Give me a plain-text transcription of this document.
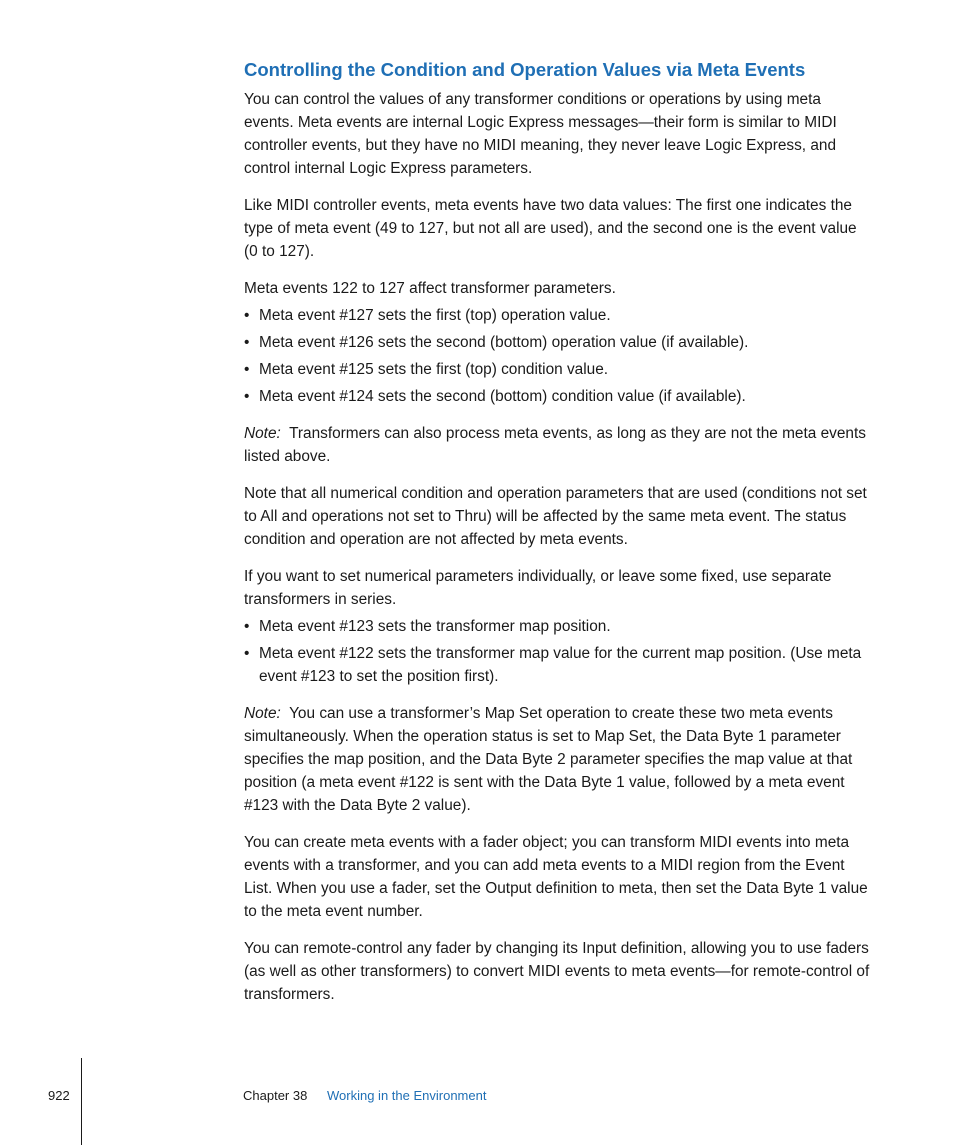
Controlling the Condition and Operation Values via Meta Events

You can control the values of any transformer conditions or operations by using meta events. Meta events are internal Logic Express messages—their form is similar to MIDI controller events, but they have no MIDI meaning, they never leave Logic Express, and control internal Logic Express parameters.

Like MIDI controller events, meta events have two data values: The first one indicates the type of meta event (49 to 127, but not all are used), and the second one is the event value (0 to 127).

Meta events 122 to 127 affect transformer parameters.

• Meta event #127 sets the first (top) operation value.
• Meta event #126 sets the second (bottom) operation value (if available).
• Meta event #125 sets the first (top) condition value.
• Meta event #124 sets the second (bottom) condition value (if available).

Note: Transformers can also process meta events, as long as they are not the meta events listed above.

Note that all numerical condition and operation parameters that are used (conditions not set to All and operations not set to Thru) will be affected by the same meta event. The status condition and operation are not affected by meta events.

If you want to set numerical parameters individually, or leave some fixed, use separate transformers in series.

• Meta event #123 sets the transformer map position.
• Meta event #122 sets the transformer map value for the current map position. (Use meta event #123 to set the position first).

Note: You can use a transformer’s Map Set operation to create these two meta events simultaneously. When the operation status is set to Map Set, the Data Byte 1 parameter specifies the map position, and the Data Byte 2 parameter specifies the map value at that position (a meta event #122 is sent with the Data Byte 1 value, followed by a meta event #123 with the Data Byte 2 value).

You can create meta events with a fader object; you can transform MIDI events into meta events with a transformer, and you can add meta events to a MIDI region from the Event List. When you use a fader, set the Output definition to meta, then set the Data Byte 1 value to the meta event number.

You can remote-control any fader by changing its Input definition, allowing you to use faders (as well as other transformers) to convert MIDI events to meta events—for remote-control of transformers.

922	Chapter 38 Working in the Environment
